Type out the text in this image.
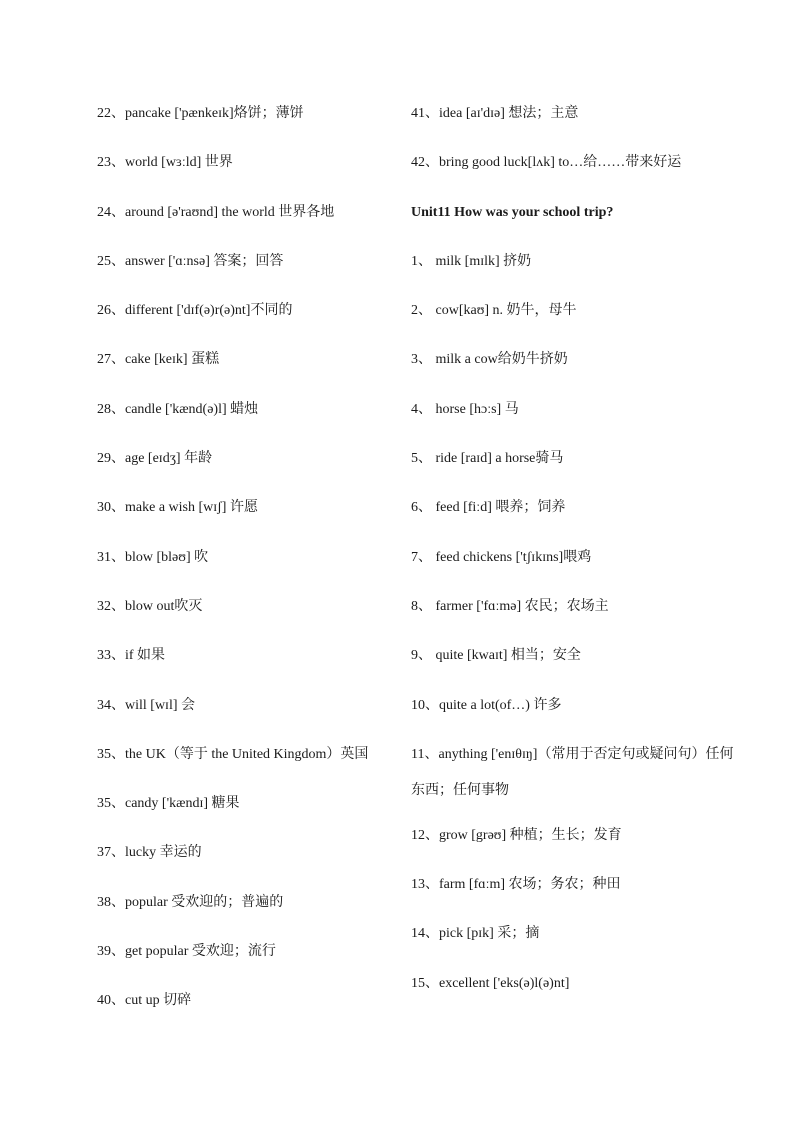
22、pancake ['pænkeɪk]烙饼；薄饼
23、world [wɜːld] 世界
24、around [ə'raʊnd] the world 世界各地
25、answer ['ɑːnsə] 答案；回答
26、different ['dɪf(ə)r(ə)nt]不同的
27、cake [keɪk] 蛋糕
28、candle ['kænd(ə)l] 蜡烛
29、age [eɪdʒ] 年龄
30、make a wish [wɪʃ] 许愿
31、blow [bləʊ] 吹
32、blow out吹灭
33、if 如果
34、will [wɪl] 会
35、the UK（等于 the United Kingdom）英国
35、candy ['kændɪ] 糖果
37、lucky 幸运的
38、popular 受欢迎的；普遍的
39、get popular 受欢迎；流行
40、cut up 切碎
41、idea [aɪ'dɪə] 想法；主意
42、bring good luck[lʌk] to…给……带来好运
Unit11 How was your school trip?
1、 milk [mɪlk] 挤奶
2、 cow[kaʊ] n. 奶牛，母牛
3、 milk a cow给奶牛挤奶
4、 horse [hɔːs] 马
5、 ride [raɪd] a horse骑马
6、 feed [fiːd] 喂养；饲养
7、 feed chickens ['tʃɪkɪns]喂鸡
8、 farmer ['fɑːmə] 农民；农场主
9、 quite [kwaɪt] 相当；安全
10、quite a lot(of…) 许多
11、anything ['enɪθɪŋ]（常用于否定句或疑问句）任何东西；任何事物
12、grow [grəʊ] 种植；生长；发育
13、farm [fɑːm] 农场；务农；种田
14、pick [pɪk] 采；摘
15、excellent ['eks(ə)l(ə)nt]
